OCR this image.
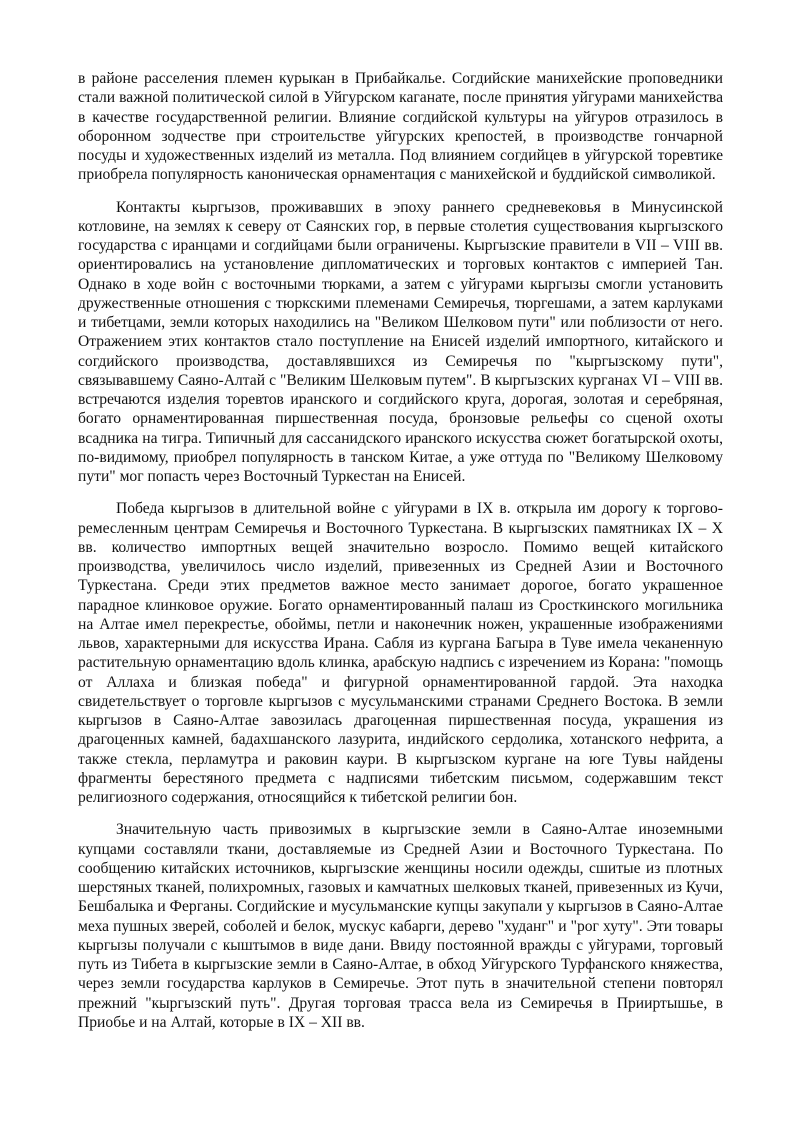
в районе расселения племен курыкан в Прибайкалье. Согдийские манихейские проповедники стали важной политической силой в Уйгурском каганате, после принятия уйгурами манихейства в качестве государственной религии. Влияние согдийской культуры на уйгуров отразилось в оборонном зодчестве при строительстве уйгурских крепостей, в производстве гончарной посуды и художественных изделий из металла. Под влиянием согдийцев в уйгурской торевтике приобрела популярность каноническая орнаментация с манихейской и буддийской символикой.

Контакты кыргызов, проживавших в эпоху раннего средневековья в Минусинской котловине, на землях к северу от Саянских гор, в первые столетия существования кыргызского государства с иранцами и согдийцами были ограничены. Кыргызские правители в VII – VIII вв. ориентировались на установление дипломатических и торговых контактов с империей Тан. Однако в ходе войн с восточными тюрками, а затем с уйгурами кыргызы смогли установить дружественные отношения с тюркскими племенами Семиречья, тюргешами, а затем карлуками и тибетцами, земли которых находились на "Великом Шелковом пути" или поблизости от него. Отражением этих контактов стало поступление на Енисей изделий импортного, китайского и согдийского производства, доставлявшихся из Семиречья по "кыргызскому пути", связывавшему Саяно-Алтай с "Великим Шелковым путем". В кыргызских курганах VI – VIII вв. встречаются изделия торевтов иранского и согдийского круга, дорогая, золотая и серебряная, богато орнаментированная пиршественная посуда, бронзовые рельефы со сценой охоты всадника на тигра. Типичный для сассанидского иранского искусства сюжет богатырской охоты, по-видимому, приобрел популярность в танском Китае, а уже оттуда по "Великому Шелковому пути" мог попасть через Восточный Туркестан на Енисей.

Победа кыргызов в длительной войне с уйгурами в IX в. открыла им дорогу к торгово-ремесленным центрам Семиречья и Восточного Туркестана. В кыргызских памятниках IX – X вв. количество импортных вещей значительно возросло. Помимо вещей китайского производства, увеличилось число изделий, привезенных из Средней Азии и Восточного Туркестана. Среди этих предметов важное место занимает дорогое, богато украшенное парадное клинковое оружие. Богато орнаментированный палаш из Сросткинского могильника на Алтае имел перекрестье, обоймы, петли и наконечник ножен, украшенные изображениями львов, характерными для искусства Ирана. Сабля из кургана Багыра в Туве имела чеканенную растительную орнаментацию вдоль клинка, арабскую надпись с изречением из Корана: "помощь от Аллаха и близкая победа" и фигурной орнаментированной гардой. Эта находка свидетельствует о торговле кыргызов с мусульманскими странами Среднего Востока. В земли кыргызов в Саяно-Алтае завозилась драгоценная пиршественная посуда, украшения из драгоценных камней, бадахшанского лазурита, индийского сердолика, хотанского нефрита, а также стекла, перламутра и раковин каури. В кыргызском кургане на юге Тувы найдены фрагменты берестяного предмета с надписями тибетским письмом, содержавшим текст религиозного содержания, относящийся к тибетской религии бон.

Значительную часть привозимых в кыргызские земли в Саяно-Алтае иноземными купцами составляли ткани, доставляемые из Средней Азии и Восточного Туркестана. По сообщению китайских источников, кыргызские женщины носили одежды, сшитые из плотных шерстяных тканей, полихромных, газовых и камчатных шелковых тканей, привезенных из Кучи, Бешбалыка и Ферганы. Согдийские и мусульманские купцы закупали у кыргызов в Саяно-Алтае меха пушных зверей, соболей и белок, мускус кабарги, дерево "худанг" и "рог хуту". Эти товары кыргызы получали с кыштымов в виде дани. Ввиду постоянной вражды с уйгурами, торговый путь из Тибета в кыргызские земли в Саяно-Алтае, в обход Уйгурского Турфанского княжества, через земли государства карлуков в Семиречье. Этот путь в значительной степени повторял прежний "кыргызский путь". Другая торговая трасса вела из Семиречья в Прииртышье, в Приобье и на Алтай, которые в IX – XII вв.
